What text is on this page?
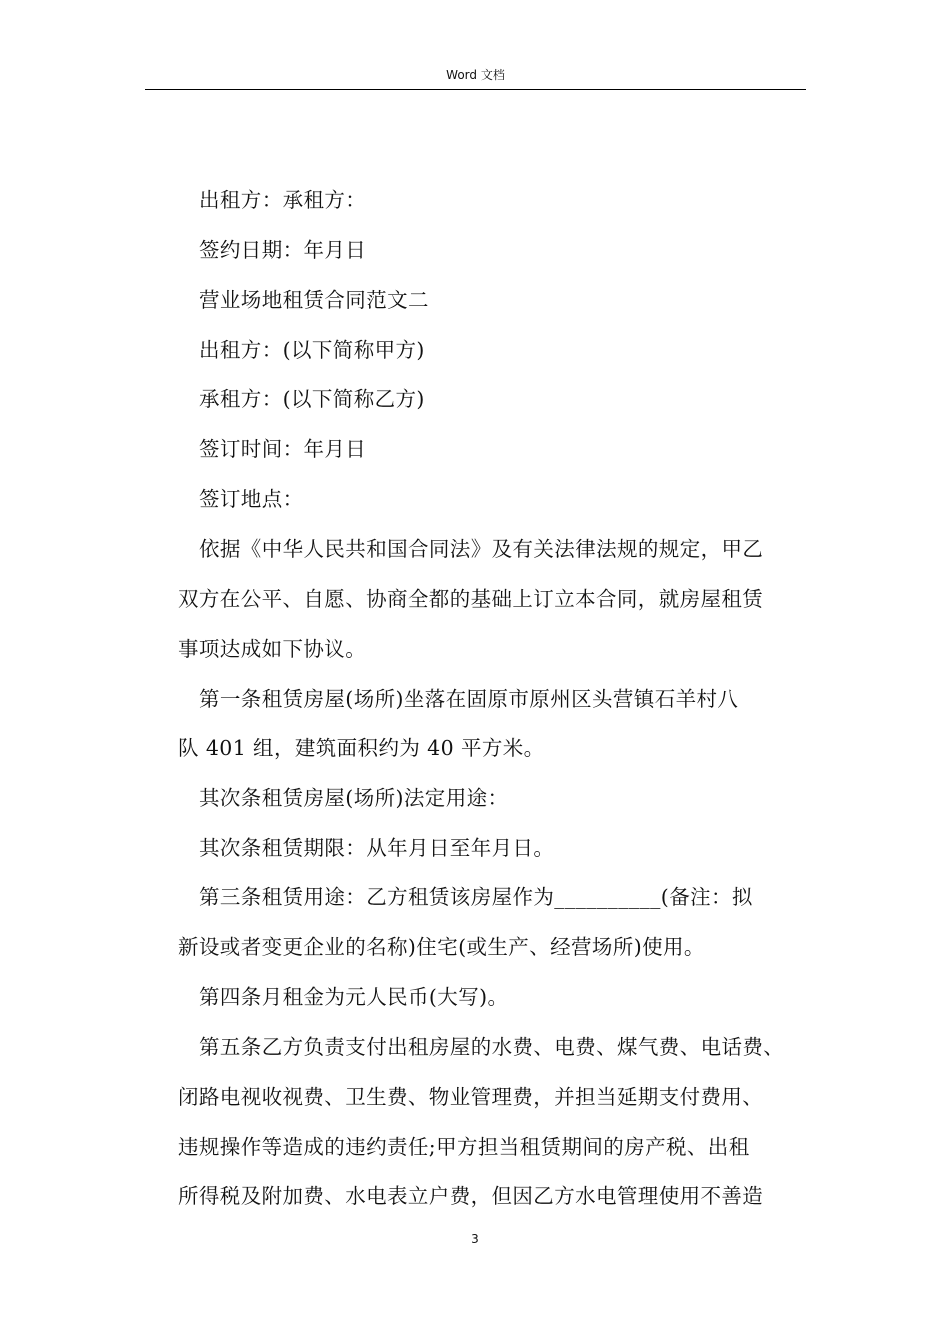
Word 文档
出租方：承租方：
签约日期：年月日
营业场地租赁合同范文二
出租方：(以下简称甲方)
承租方：(以下简称乙方)
签订时间：年月日
签订地点：
依据《中华人民共和国合同法》及有关法律法规的规定，甲乙
双方在公平、自愿、协商全都的基础上订立本合同，就房屋租赁
事项达成如下协议。
第一条租赁房屋(场所)坐落在固原市原州区头营镇石羊村八
队 401 组，建筑面积约为 40 平方米。
其次条租赁房屋(场所)法定用途：
其次条租赁期限：从年月日至年月日。
第三条租赁用途：乙方租赁该房屋作为__________(备注：拟
新设或者变更企业的名称)住宅(或生产、经营场所)使用。
第四条月租金为元人民币(大写)。
第五条乙方负责支付出租房屋的水费、电费、煤气费、电话费、
闭路电视收视费、卫生费、物业管理费，并担当延期支付费用、
违规操作等造成的违约责任;甲方担当租赁期间的房产税、出租
所得税及附加费、水电表立户费，但因乙方水电管理使用不善造
3
